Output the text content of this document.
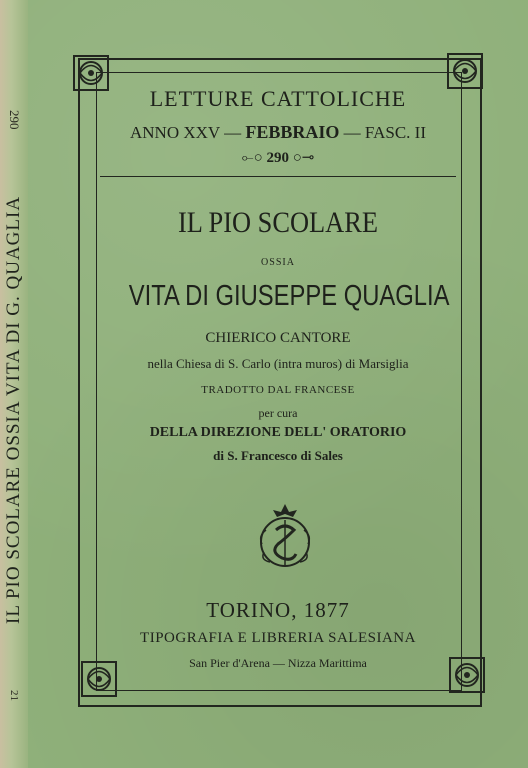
IL PIO SCOLARE OSSIA VITA DI G. QUAGLIA
290
21
LETTURE CATTOLICHE
ANNO XXV — FEBBRAIO — FASC. II
⟜○ 290 ○⊸
IL PIO SCOLARE
OSSIA
VITA DI GIUSEPPE QUAGLIA
CHIERICO CANTORE
nella Chiesa di S. Carlo (intra muros) di Marsiglia
TRADOTTO DAL FRANCESE
per cura
DELLA DIREZIONE DELL' ORATORIO
di S. Francesco di Sales
TORINO, 1877
TIPOGRAFIA E LIBRERIA SALESIANA
San Pier d'Arena — Nizza Marittima
